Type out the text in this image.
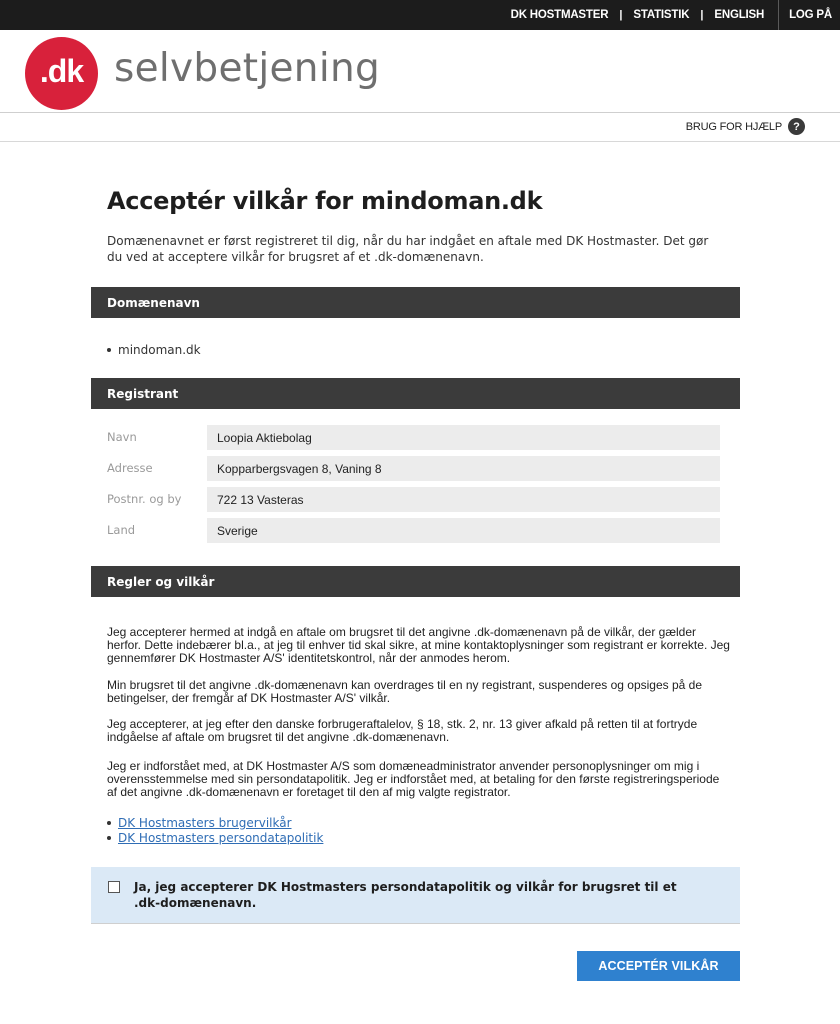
DK HOSTMASTER | STATISTIK | ENGLISH LOG PÅ
.dk selvbetjening
BRUG FOR HJÆLP	?
Acceptér vilkår for mindoman.dk

Domænenavnet er først registreret til dig, når du har indgået en aftale med DK Hostmaster. Det gør du ved at acceptere vilkår for brugsret af et .dk-domænenavn.

Domænenavn
mindoman.dk
Registrant
Navn	Loopia Aktiebolag
Adresse	Kopparbergsvagen 8, Vaning 8
Postnr. og by	722 13 Vasteras
Land	Sverige
Regler og vilkår

Jeg accepterer hermed at indgå en aftale om brugsret til det angivne .dk-domænenavn på de vilkår, der gælder herfor. Dette indebærer bl.a., at jeg til enhver tid skal sikre, at mine kontaktoplysninger som registrant er korrekte. Jeg gennemfører DK Hostmaster A/S' identitetskontrol, når der anmodes herom.

Min brugsret til det angivne .dk-domænenavn kan overdrages til en ny registrant, suspenderes og opsiges på de betingelser, der fremgår af DK Hostmaster A/S' vilkår.

Jeg accepterer, at jeg efter den danske forbrugeraftalelov, § 18, stk. 2, nr. 13 giver afkald på retten til at fortryde indgåelse af aftale om brugsret til det angivne .dk-domænenavn.

Jeg er indforstået med, at DK Hostmaster A/S som domæneadministrator anvender personoplysninger om mig i overensstemmelse med sin persondatapolitik. Jeg er indforstået med, at betaling for den første registreringsperiode af det angivne .dk-domænenavn er foretaget til den af mig valgte registrator.

DK Hostmasters brugervilkår
DK Hostmasters persondatapolitik
Ja, jeg accepterer DK Hostmasters persondatapolitik og vilkår for brugsret til et .dk-domænenavn.
ACCEPTÉR VILKÅR
